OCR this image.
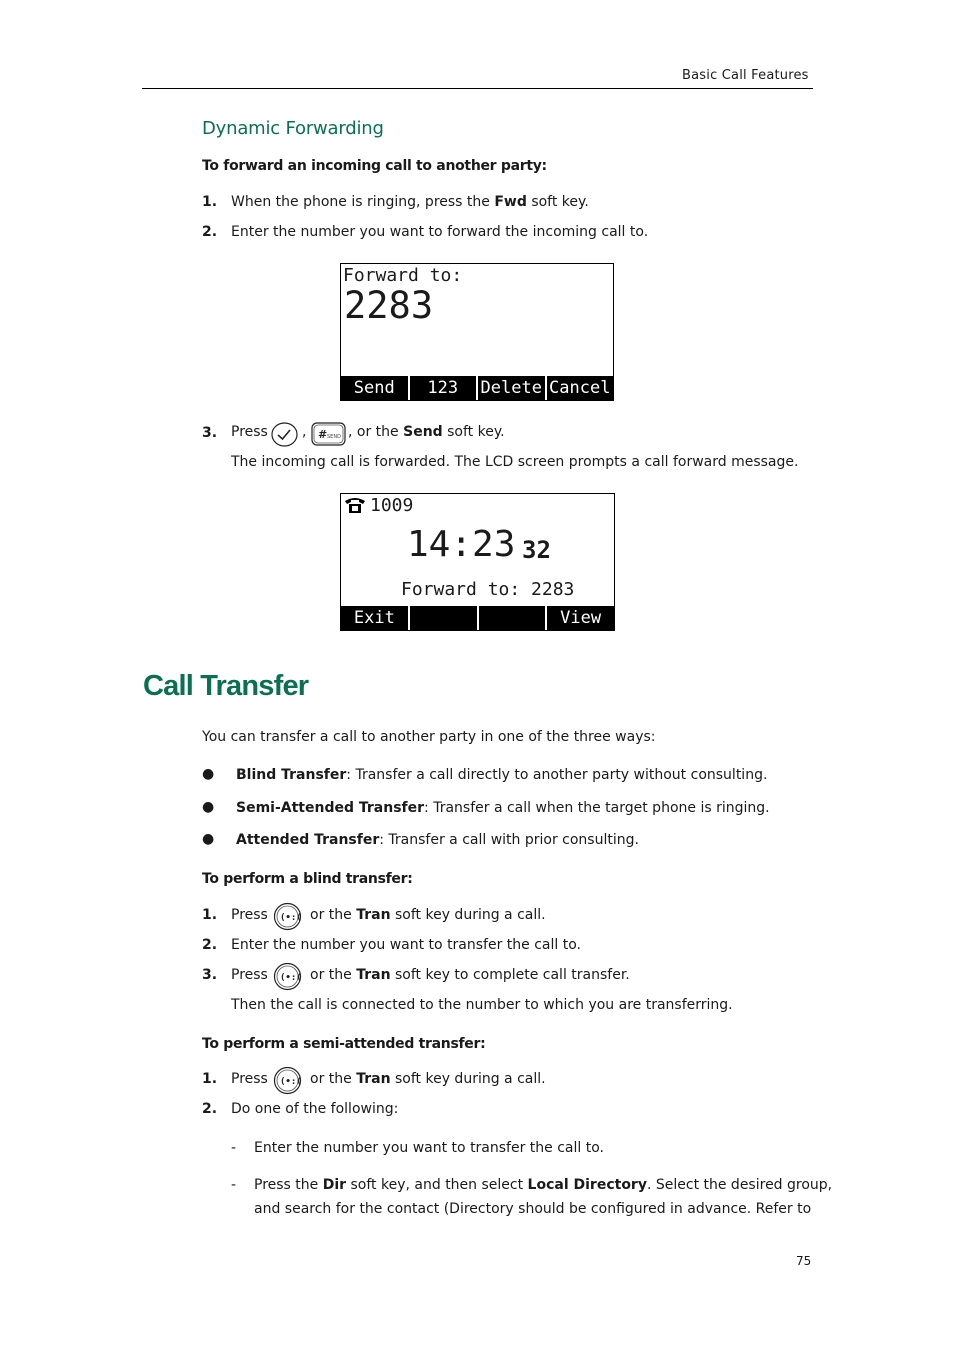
Basic Call Features
Dynamic Forwarding
To forward an incoming call to another party:
1. When the phone is ringing, press the Fwd soft key.
2. Enter the number you want to forward the incoming call to.
Forward to:
2283
Send	123	Delete Cancel
3. Press , # SEND , or the Send soft key.
The incoming call is forwarded. The LCD screen prompts a call forward message.
1009
14:23 32
Forward to: 2283
Exit	View
Call Transfer
You can transfer a call to another party in one of the three ways:
● Blind Transfer: Transfer a call directly to another party without consulting.
● Semi-Attended Transfer: Transfer a call when the target phone is ringing.
● Attended Transfer: Transfer a call with prior consulting.
To perform a blind transfer:
1. Press (•:( or the Tran soft key during a call.
2. Enter the number you want to transfer the call to.
3. Press (•:( or the Tran soft key to complete call transfer.
Then the call is connected to the number to which you are transferring.
To perform a semi-attended transfer:
1. Press (•:( or the Tran soft key during a call.
2. Do one of the following:
- Enter the number you want to transfer the call to.
- Press the Dir soft key, and then select Local Directory. Select the desired group,
and search for the contact (Directory should be configured in advance. Refer to
75
